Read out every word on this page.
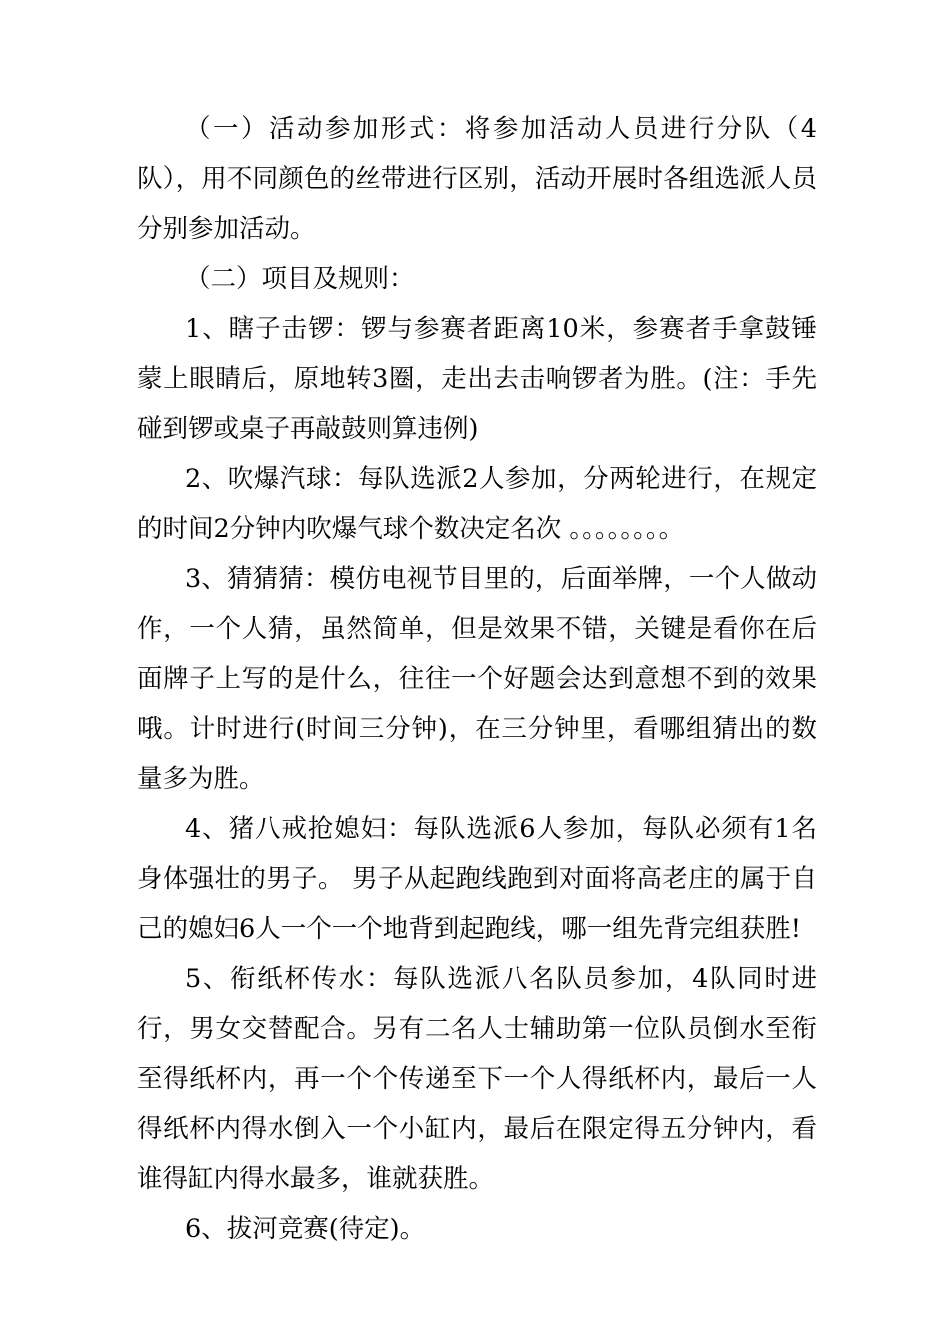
（一）活动参加形式：将参加活动人员进行分队（4队），用不同颜色的丝带进行区别，活动开展时各组选派人员分别参加活动。

（二）项目及规则：

1、瞎子击锣：锣与参赛者距离10米，参赛者手拿鼓锤蒙上眼睛后，原地转3圈，走出去击响锣者为胜。(注：手先碰到锣或桌子再敲鼓则算违例)

2、吹爆汽球：每队选派2人参加，分两轮进行，在规定的时间2分钟内吹爆气球个数决定名次 。。。。。。。。

3、猜猜猜：模仿电视节目里的，后面举牌，一个人做动作，一个人猜，虽然简单，但是效果不错，关键是看你在后面牌子上写的是什么，往往一个好题会达到意想不到的效果哦。计时进行(时间三分钟)，在三分钟里，看哪组猜出的数量多为胜。

4、猪八戒抢媳妇：每队选派6人参加，每队必须有1名身体强壮的男子。 男子从起跑线跑到对面将高老庄的属于自己的媳妇6人一个一个地背到起跑线，哪一组先背完组获胜!

5、衔纸杯传水：每队选派八名队员参加，4队同时进行，男女交替配合。另有二名人士辅助第一位队员倒水至衔至得纸杯内，再一个个传递至下一个人得纸杯内，最后一人得纸杯内得水倒入一个小缸内，最后在限定得五分钟内，看谁得缸内得水最多，谁就获胜。

6、拔河竞赛(待定)。
